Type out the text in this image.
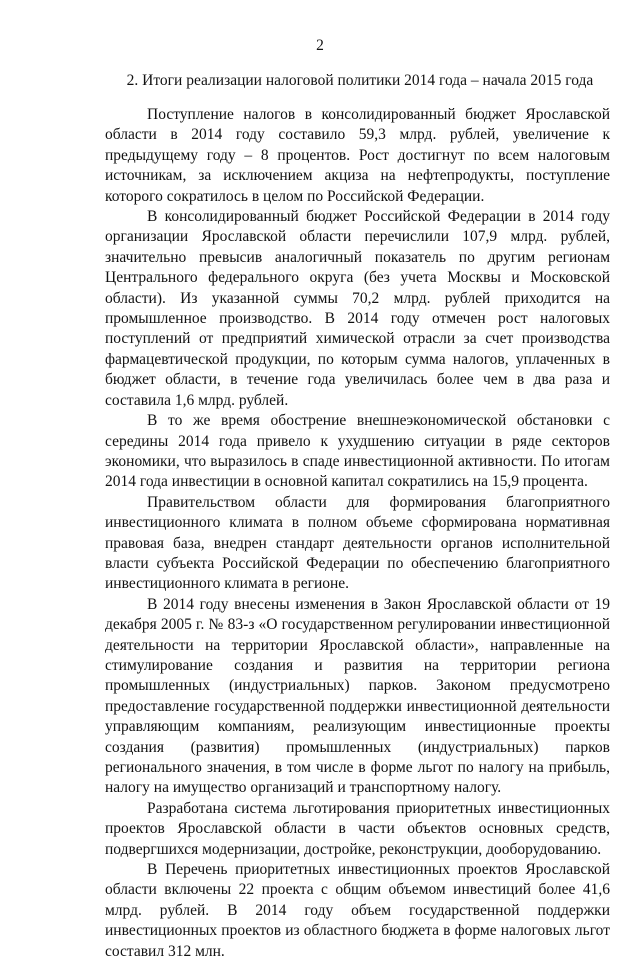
2
2. Итоги реализации налоговой политики 2014 года – начала 2015 года

Поступление налогов в консолидированный бюджет Ярославской области в 2014 году составило 59,3 млрд. рублей, увеличение к предыдущему году – 8 процентов. Рост достигнут по всем налоговым источникам, за исключением акциза на нефтепродукты, поступление которого сократилось в целом по Российской Федерации.

В консолидированный бюджет Российской Федерации в 2014 году организации Ярославской области перечислили 107,9 млрд. рублей, значительно превысив аналогичный показатель по другим регионам Центрального федерального округа (без учета Москвы и Московской области). Из указанной суммы 70,2 млрд. рублей приходится на промышленное производство. В 2014 году отмечен рост налоговых поступлений от предприятий химической отрасли за счет производства фармацевтической продукции, по которым сумма налогов, уплаченных в бюджет области, в течение года увеличилась более чем в два раза и составила 1,6 млрд. рублей.

В то же время обострение внешнеэкономической обстановки с середины 2014 года привело к ухудшению ситуации в ряде секторов экономики, что выразилось в спаде инвестиционной активности. По итогам 2014 года инвестиции в основной капитал сократились на 15,9 процента.

Правительством области для формирования благоприятного инвестиционного климата в полном объеме сформирована нормативная правовая база, внедрен стандарт деятельности органов исполнительной власти субъекта Российской Федерации по обеспечению благоприятного инвестиционного климата в регионе.

В 2014 году внесены изменения в Закон Ярославской области от 19 декабря 2005 г. № 83-з «О государственном регулировании инвестиционной деятельности на территории Ярославской области», направленные на стимулирование создания и развития на территории региона промышленных (индустриальных) парков. Законом предусмотрено предоставление государственной поддержки инвестиционной деятельности управляющим компаниям, реализующим инвестиционные проекты создания (развития) промышленных (индустриальных) парков регионального значения, в том числе в форме льгот по налогу на прибыль, налогу на имущество организаций и транспортному налогу.

Разработана система льготирования приоритетных инвестиционных проектов Ярославской области в части объектов основных средств, подвергшихся модернизации, достройке, реконструкции, дооборудованию.

В Перечень приоритетных инвестиционных проектов Ярославской области включены 22 проекта с общим объемом инвестиций более 41,6 млрд. рублей. В 2014 году объем государственной поддержки инвестиционных проектов из областного бюджета в форме налоговых льгот составил 312 млн.
